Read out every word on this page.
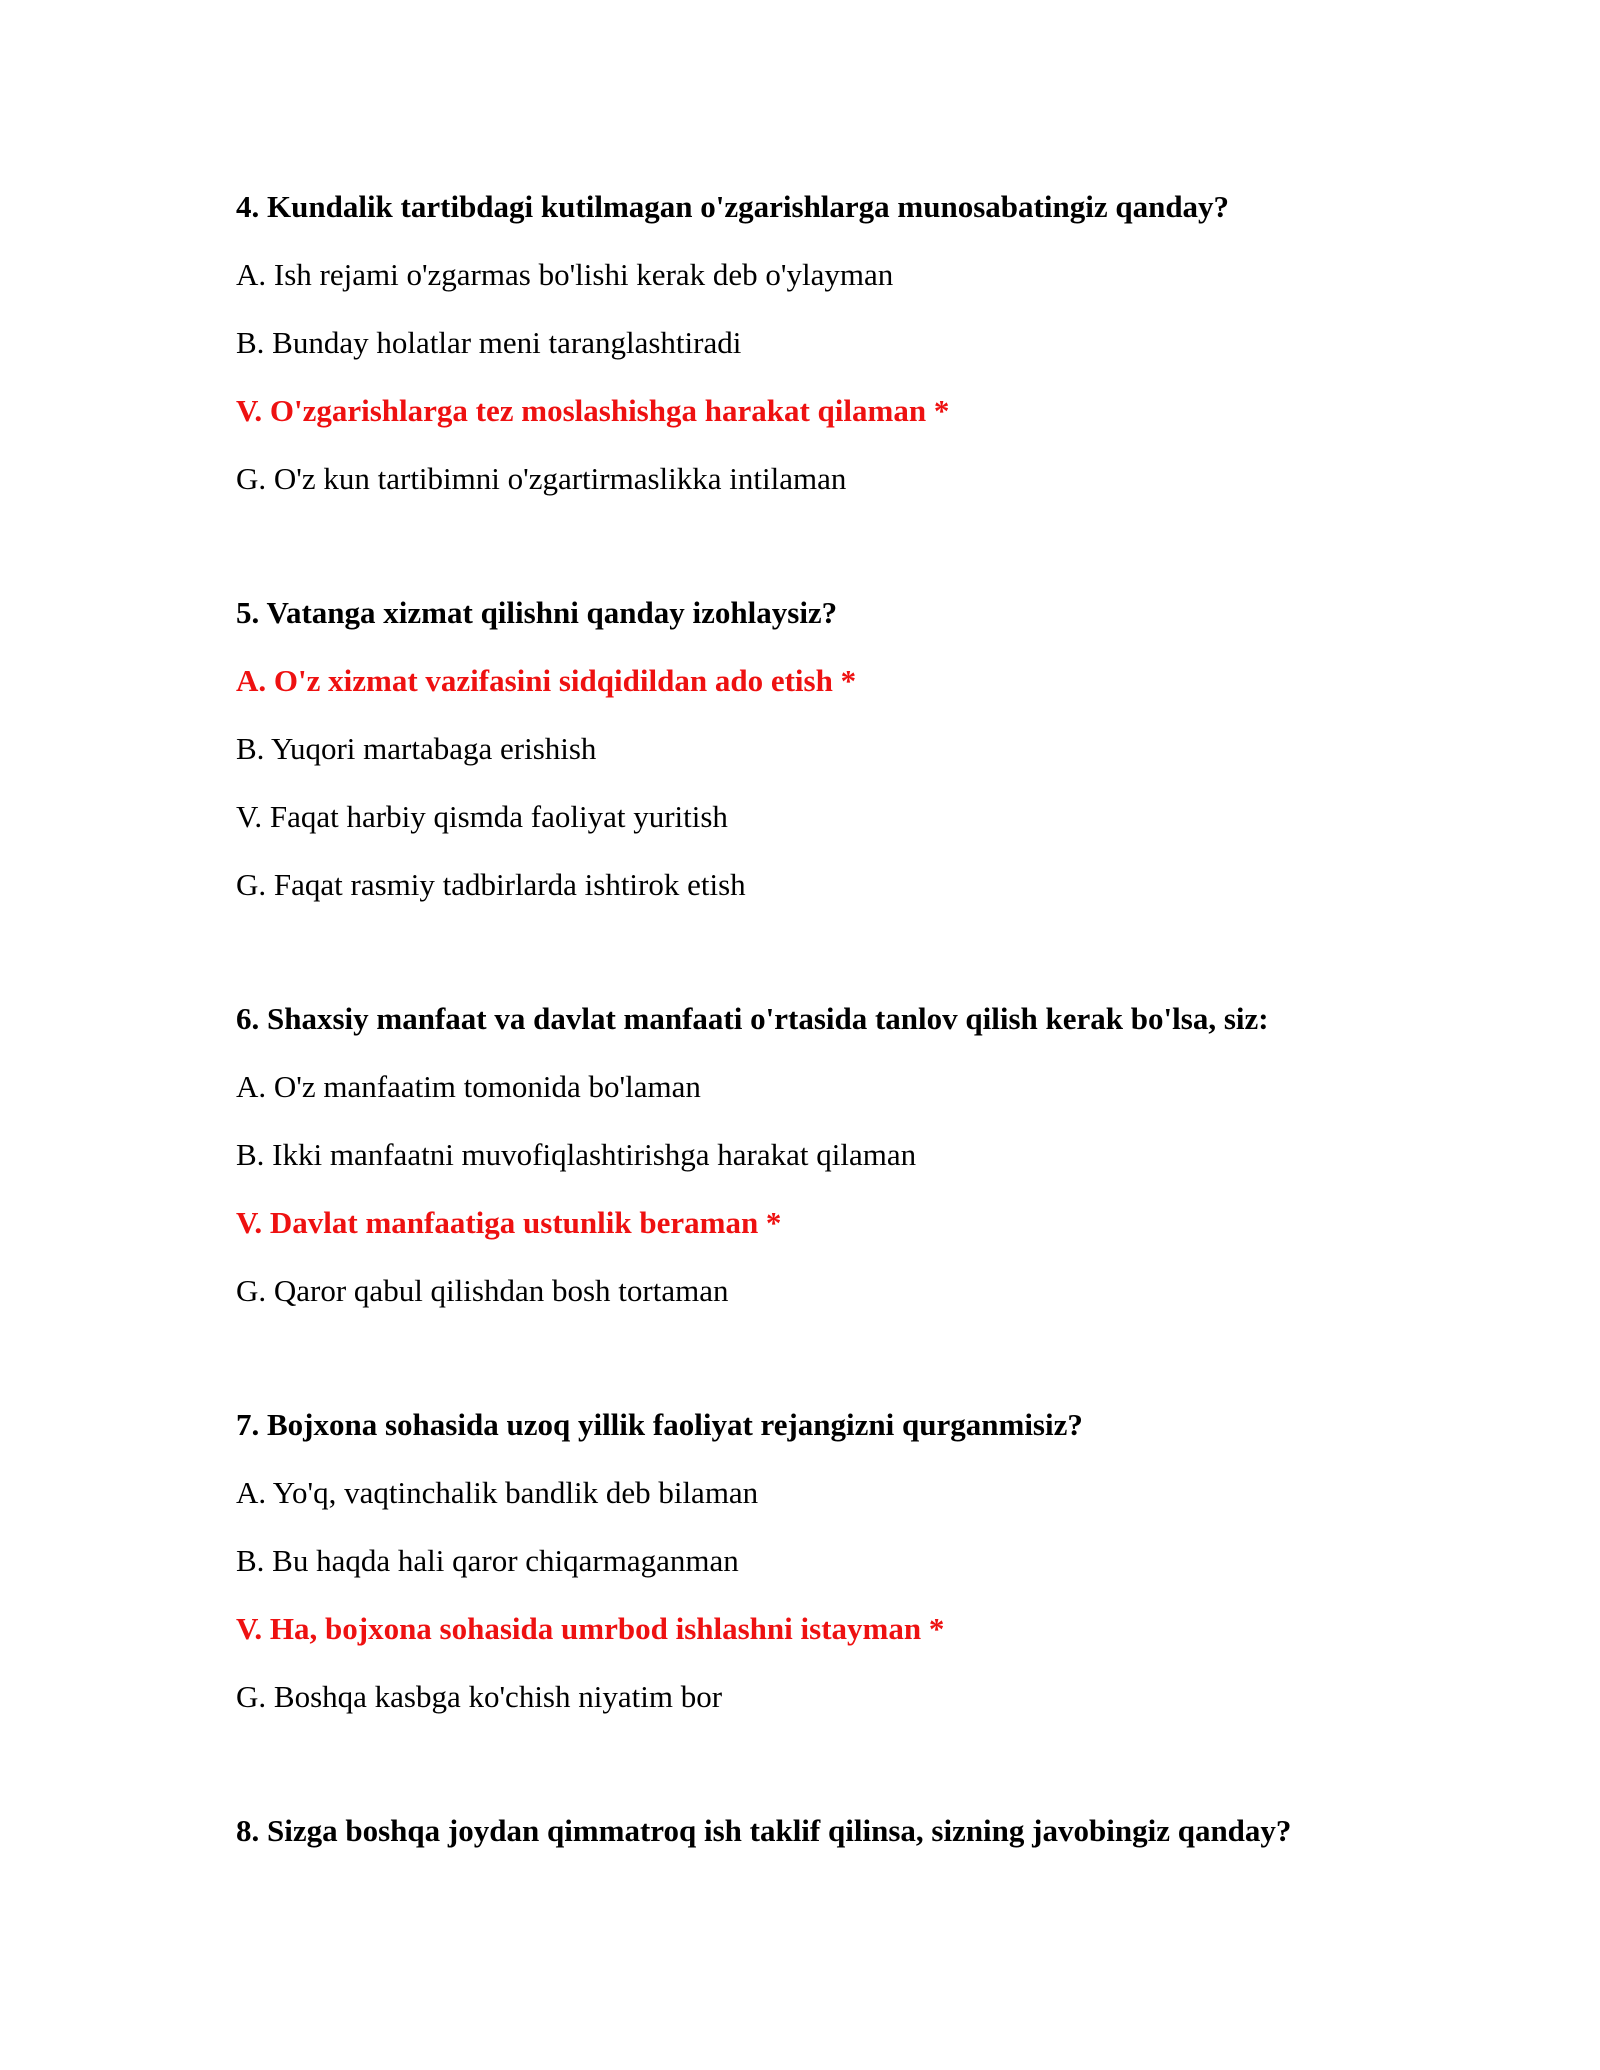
4. Kundalik tartibdagi kutilmagan o'zgarishlarga munosabatingiz qanday?
A. Ish rejami o'zgarmas bo'lishi kerak deb o'ylayman
B. Bunday holatlar meni taranglashtiradi
V. O'zgarishlarga tez moslashishga harakat qilaman *
G. O'z kun tartibimni o'zgartirmaslikka intilaman
5. Vatanga xizmat qilishni qanday izohlaysiz?
A. O'z xizmat vazifasini sidqidildan ado etish *
B. Yuqori martabaga erishish
V. Faqat harbiy qismda faoliyat yuritish
G. Faqat rasmiy tadbirlarda ishtirok etish
6. Shaxsiy manfaat va davlat manfaati o'rtasida tanlov qilish kerak bo'lsa, siz:
A. O'z manfaatim tomonida bo'laman
B. Ikki manfaatni muvofiqlashtirishga harakat qilaman
V. Davlat manfaatiga ustunlik beraman *
G. Qaror qabul qilishdan bosh tortaman
7. Bojxona sohasida uzoq yillik faoliyat rejangizni qurganmisiz?
A. Yo'q, vaqtinchalik bandlik deb bilaman
B. Bu haqda hali qaror chiqarmaganman
V. Ha, bojxona sohasida umrbod ishlashni istayman *
G. Boshqa kasbga ko'chish niyatim bor
8. Sizga boshqa joydan qimmatroq ish taklif qilinsa, sizning javobingiz qanday?
